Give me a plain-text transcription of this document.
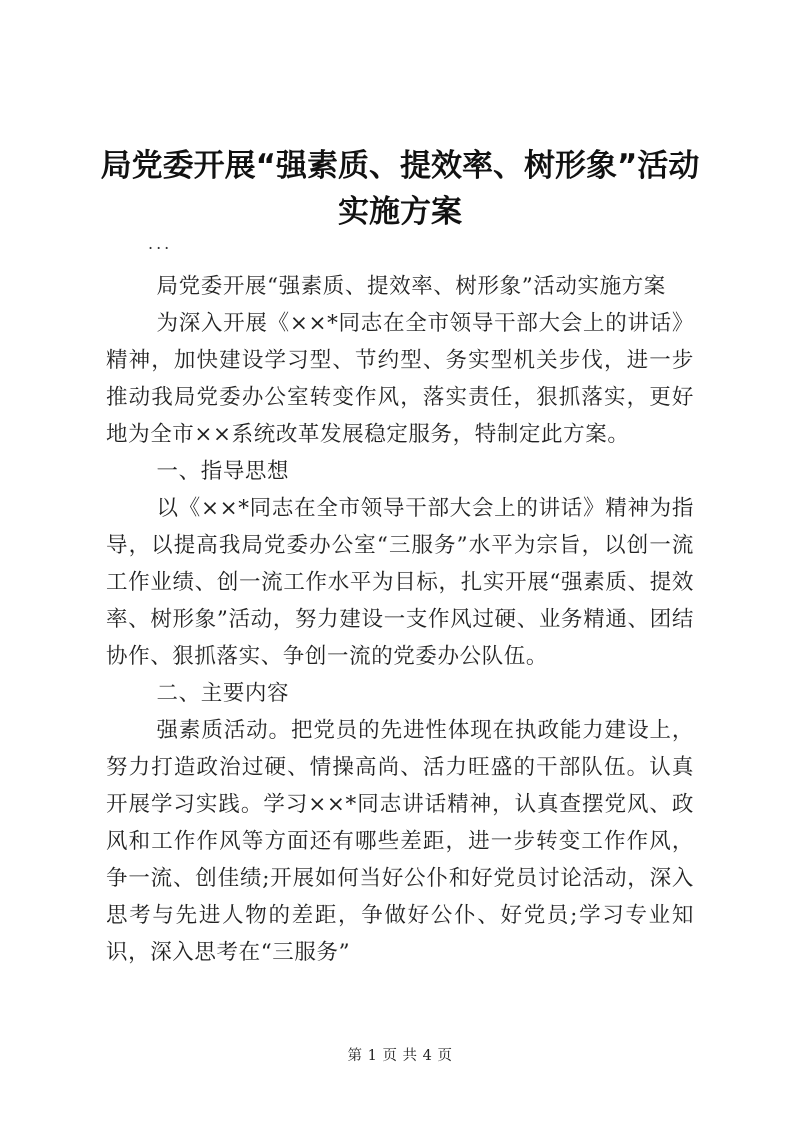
局党委开展“强素质、提效率、树形象”活动
实施方案
...

局党委开展“强素质、提效率、树形象”活动实施方案

为深入开展《××*同志在全市领导干部大会上的讲话》精神，加快建设学习型、节约型、务实型机关步伐，进一步推动我局党委办公室转变作风，落实责任，狠抓落实，更好地为全市××系统改革发展稳定服务，特制定此方案。

一、指导思想

以《××*同志在全市领导干部大会上的讲话》精神为指导，以提高我局党委办公室“三服务”水平为宗旨，以创一流工作业绩、创一流工作水平为目标，扎实开展“强素质、提效率、树形象”活动，努力建设一支作风过硬、业务精通、团结协作、狠抓落实、争创一流的党委办公队伍。

二、主要内容

强素质活动。把党员的先进性体现在执政能力建设上，努力打造政治过硬、情操高尚、活力旺盛的干部队伍。认真开展学习实践。学习××*同志讲话精神，认真查摆党风、政风和工作作风等方面还有哪些差距，进一步转变工作作风，争一流、创佳绩;开展如何当好公仆和好党员讨论活动，深入思考与先进人物的差距，争做好公仆、好党员;学习专业知识，深入思考在“三服务”

第 1 页 共 4 页
